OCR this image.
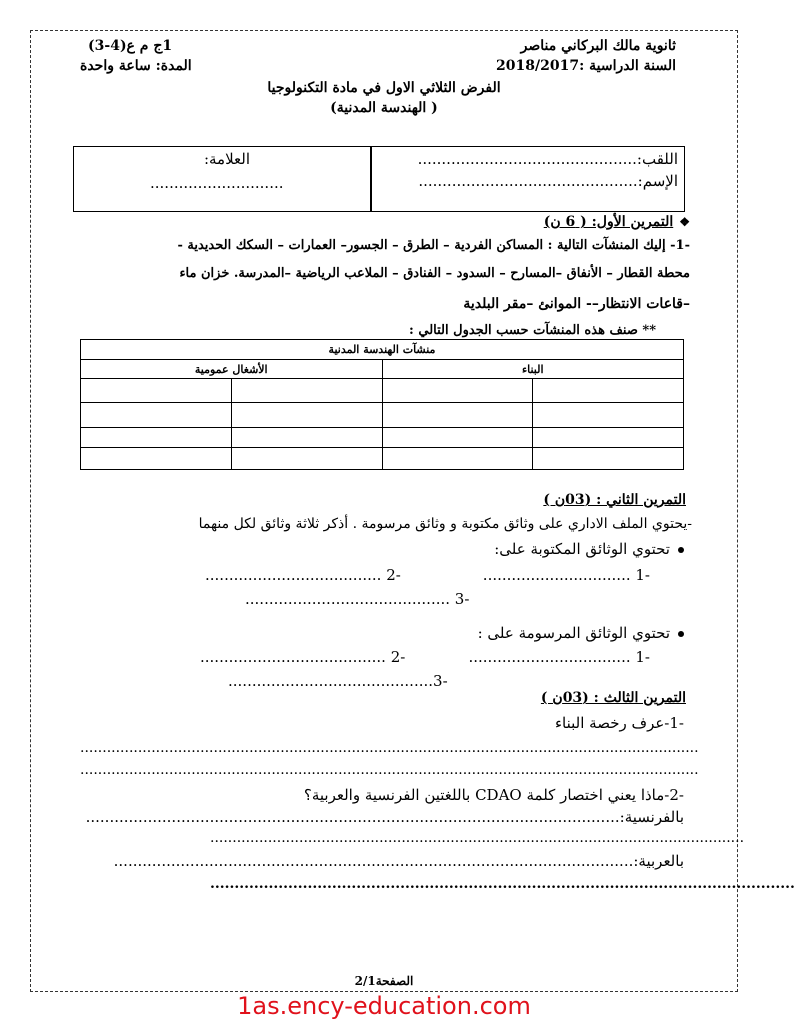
ثانوية مالك البركاني مناصر
السنة الدراسية :2018/2017
1ج م ع(4-3)
المدة: ساعة واحدة
الفرض الثلاثي الاول في مادة التكنولوجيا
( الهندسة المدنية)
اللقب:..............................................
الإسم:..............................................
العلامة:
............................
❖التمرين الأول: ( 6 ن)
-1- إليك المنشآت التالية : المساكن الفردية – الطرق – الجسور– العمارات – السكك الحديدية -
محطة القطار – الأنفاق –المسارح – السدود – الفنادق – الملاعب الرياضية –المدرسة. خزان ماء
–قاعات الانتظار–- الموانئ –مقر البلدية
** صنف هذه المنشآت حسب الجدول التالي :
منشآت الهندسة المدنية			
البناء		الأشغال عمومية	

التمرين الثاني : (03ن )
-يحتوي الملف الاداري على وثائق مكتوبة و وثائق مرسومة . أذكر ثلاثة وثائق لكل منهما
تحتوي الوثائق المكتوبة على:
-1 ...............................
-2 .....................................
-3 ...........................................
تحتوي الوثائق المرسومة على :
-1 ..................................
-2 .......................................
-3...........................................
التمرين الثالث : (03ن )
-1-عرف رخصة البناء
...........................................................................................................................................
...........................................................................................................................................
-2-ماذا يعني اختصار كلمة CDAO باللغتين الفرنسية والعربية؟
بالفرنسية:................................................................................................................
........................................................................................................................
بالعربية:.............................................................................................................
........................................................................................................................
الصفحة2/1
1as.ency-education.com
